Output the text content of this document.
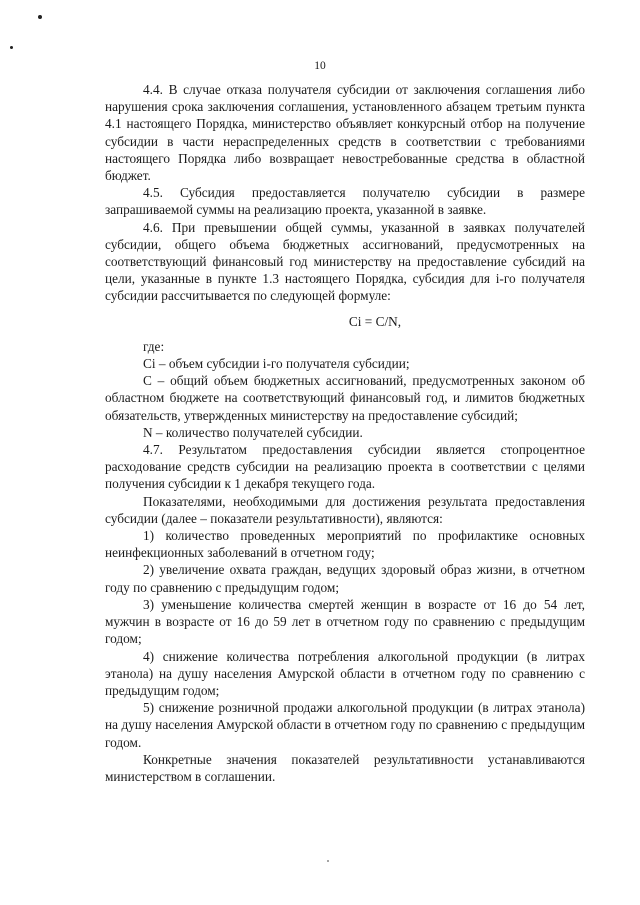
10

4.4. В случае отказа получателя субсидии от заключения соглашения либо нарушения срока заключения соглашения, установленного абзацем третьим пункта 4.1 настоящего Порядка, министерство объявляет конкурсный отбор на получение субсидии в части нераспределенных средств в соответствии с требованиями настоящего Порядка либо возвращает невостребованные средства в областной бюджет.

4.5. Субсидия предоставляется получателю субсидии в размере запрашиваемой суммы на реализацию проекта, указанной в заявке.

4.6. При превышении общей суммы, указанной в заявках получателей субсидии, общего объема бюджетных ассигнований, предусмотренных на соответствующий финансовый год министерству на предоставление субсидий на цели, указанные в пункте 1.3 настоящего Порядка, субсидия для i-го получателя субсидии рассчитывается по следующей формуле:

Ci = C/N,

где:

Ci – объем субсидии i-го получателя субсидии;

C – общий объем бюджетных ассигнований, предусмотренных законом об областном бюджете на соответствующий финансовый год, и лимитов бюджетных обязательств, утвержденных министерству на предоставление субсидий;

N – количество получателей субсидии.

4.7. Результатом предоставления субсидии является стопроцентное расходование средств субсидии на реализацию проекта в соответствии с целями получения субсидии к 1 декабря текущего года.

Показателями, необходимыми для достижения результата предоставления субсидии (далее – показатели результативности), являются:

1) количество проведенных мероприятий по профилактике основных неинфекционных заболеваний в отчетном году;

2) увеличение охвата граждан, ведущих здоровый образ жизни, в отчетном году по сравнению с предыдущим годом;

3) уменьшение количества смертей женщин в возрасте от 16 до 54 лет, мужчин в возрасте от 16 до 59 лет в отчетном году по сравнению с предыдущим годом;

4) снижение количества потребления алкогольной продукции (в литрах этанола) на душу населения Амурской области в отчетном году по сравнению с предыдущим годом;

5) снижение розничной продажи алкогольной продукции (в литрах этанола) на душу населения Амурской области в отчетном году по сравнению с предыдущим годом.

Конкретные значения показателей результативности устанавливаются министерством в соглашении.
